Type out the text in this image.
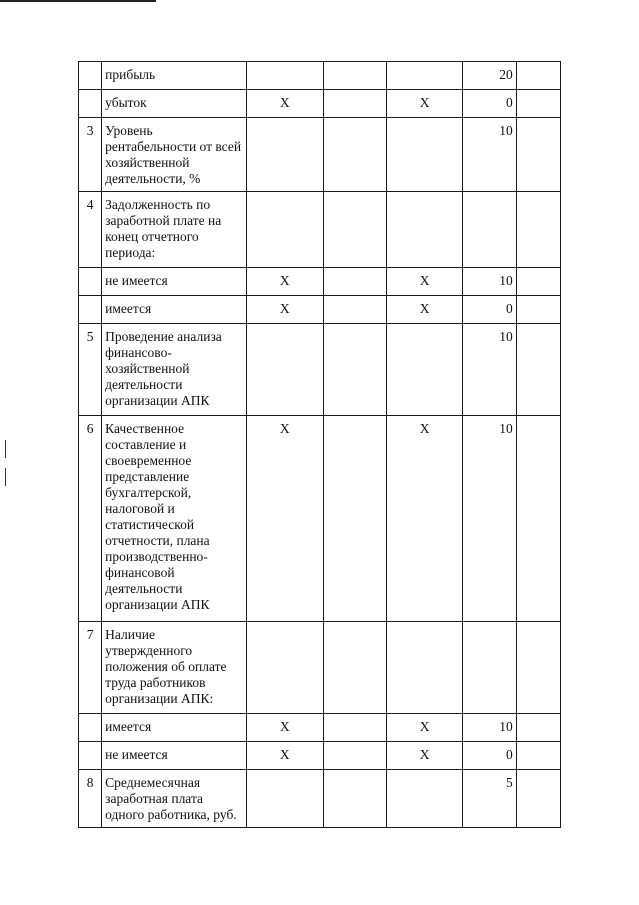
	прибыль				20	
	убыток	X		X	0	
3	Уровень рентабельности от всей хозяйственной деятельности, %				10	
4	Задолженность по заработной плате на конец отчетного периода:					
	не имеется	X		X	10	
	имеется	X		X	0	
5	Проведение анализа финансово-хозяйственной деятельности организации АПК				10	
6	Качественное составление и своевременное представление бухгалтерской, налоговой и статистической отчетности, плана производственно-финансовой деятельности организации АПК	X		X	10	
7	Наличие утвержденного положения об оплате труда работников организации АПК:					
	имеется	X		X	10	
	не имеется	X		X	0	
8	Среднемесячная заработная плата одного работника, руб.				5	
